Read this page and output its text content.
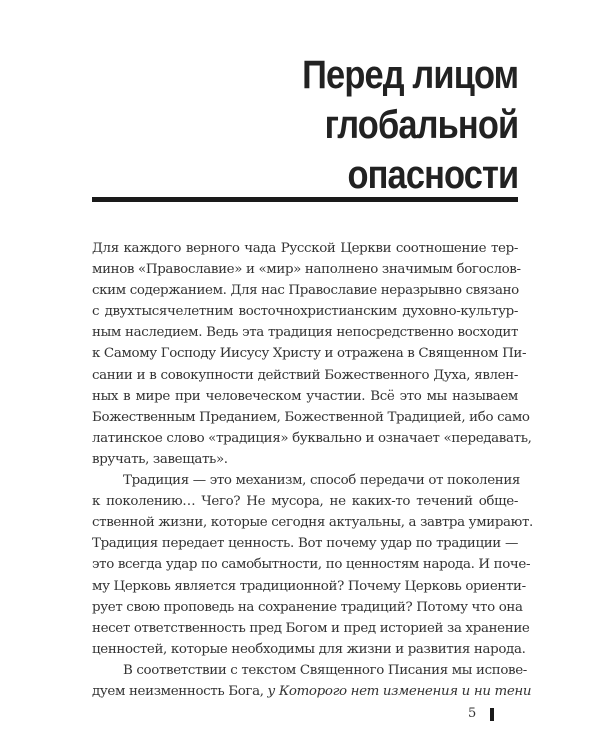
Перед лицом
глобальной
опасности
Для каждого верного чада Русской Церкви соотношение тер-
минов «Православие» и «мир» наполнено значимым богослов-
ским содержанием. Для нас Православие неразрывно связано
с двухтысячелетним восточнохристианским духовно-культур-
ным наследием. Ведь эта традиция непосредственно восходит
к Самому Господу Иисусу Христу и отражена в Священном Пи-
сании и в совокупности действий Божественного Духа, явлен-
ных в мире при человеческом участии. Всё это мы называем
Божественным Преданием, Божественной Традицией, ибо само
латинское слово «традиция» буквально и означает «передавать,
вручать, завещать».
Традиция — это механизм, способ передачи от поколения
к поколению… Чего? Не мусора, не каких-то течений обще-
ственной жизни, которые сегодня актуальны, а завтра умирают.
Традиция передает ценность. Вот почему удар по традиции —
это всегда удар по самобытности, по ценностям народа. И поче-
му Церковь является традиционной? Почему Церковь ориенти-
рует свою проповедь на сохранение традиций? Потому что она
несет ответственность пред Богом и пред историей за хранение
ценностей, которые необходимы для жизни и развития народа.
В соответствии с текстом Священного Писания мы испове-
дуем неизменность Бога, у Которого нет изменения и ни тени
5
